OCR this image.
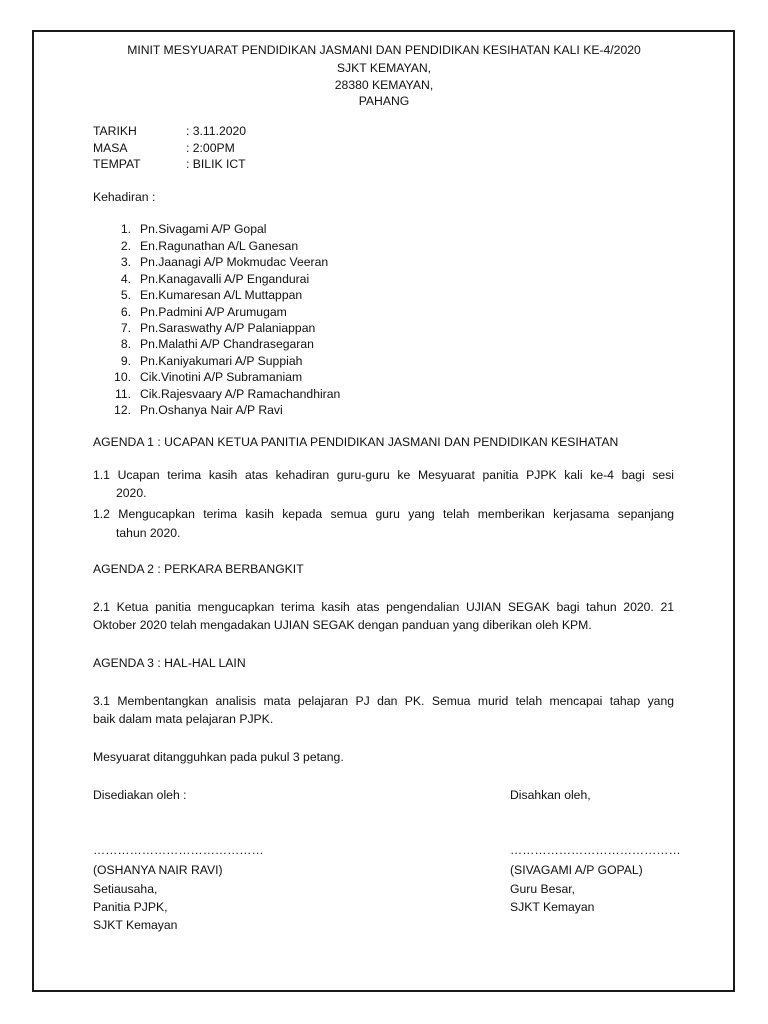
MINIT MESYUARAT PENDIDIKAN JASMANI DAN PENDIDIKAN KESIHATAN KALI KE-4/2020
SJKT KEMAYAN,
28380 KEMAYAN,
PAHANG
TARIKH	: 3.11.2020
MASA	: 2:00PM
TEMPAT	: BILIK ICT
Kehadiran :
1. Pn.Sivagami A/P Gopal
2. En.Ragunathan A/L Ganesan
3. Pn.Jaanagi A/P Mokmudac Veeran
4. Pn.Kanagavalli A/P Engandurai
5. En.Kumaresan A/L Muttappan
6. Pn.Padmini A/P Arumugam
7. Pn.Saraswathy A/P Palaniappan
8. Pn.Malathi A/P Chandrasegaran
9. Pn.Kaniyakumari A/P Suppiah
10. Cik.Vinotini A/P Subramaniam
11. Cik.Rajesvaary A/P Ramachandhiran
12. Pn.Oshanya Nair A/P Ravi
AGENDA 1 : UCAPAN KETUA PANITIA PENDIDIKAN JASMANI DAN PENDIDIKAN KESIHATAN
1.1 Ucapan terima kasih atas kehadiran guru-guru ke Mesyuarat panitia PJPK kali ke-4 bagi sesi
2020.
1.2 Mengucapkan terima kasih kepada semua guru yang telah memberikan kerjasama sepanjang
tahun 2020.
AGENDA 2 : PERKARA BERBANGKIT
2.1 Ketua panitia mengucapkan terima kasih atas pengendalian UJIAN SEGAK bagi tahun 2020. 21
Oktober 2020 telah mengadakan UJIAN SEGAK dengan panduan yang diberikan oleh KPM.
AGENDA 3 : HAL-HAL LAIN
3.1 Membentangkan analisis mata pelajaran PJ dan PK. Semua murid telah mencapai tahap yang
baik dalam mata pelajaran PJPK.
Mesyuarat ditangguhkan pada pukul 3 petang.
Disediakan oleh :
……………………………………
(OSHANYA NAIR RAVI)
Setiausaha,
Panitia PJPK,
SJKT Kemayan
Disahkan oleh,
……………………………………
(SIVAGAMI A/P GOPAL)
Guru Besar,
SJKT Kemayan
